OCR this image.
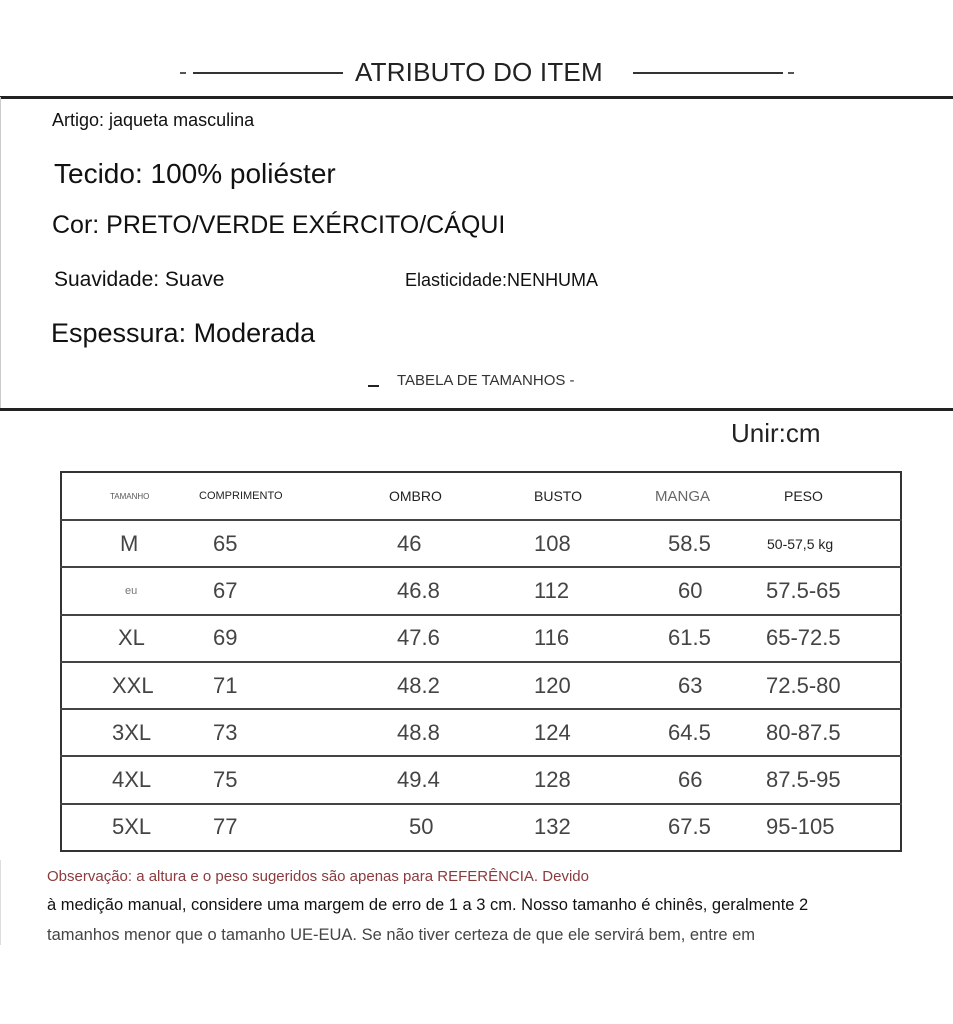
ATRIBUTO DO ITEM
Artigo: jaqueta masculina
Tecido: 100% poliéster
Cor: PRETO/VERDE EXÉRCITO/CÁQUI
Suavidade: Suave	Elasticidade:NENHUMA
Espessura: Moderada
TABELA DE TAMANHOS -
Unir:cm
TAMANHO	COMPRIMENTO	OMBRO	BUSTO	MANGA	PESO
M	65	46	108	58.5	50-57,5 kg
eu	67	46.8	112	60	57.5-65
XL	69	47.6	116	61.5	65-72.5
XXL	71	48.2	120	63	72.5-80
3XL	73	48.8	124	64.5	80-87.5
4XL	75	49.4	128	66	87.5-95
5XL	77	50	132	67.5	95-105
Observação: a altura e o peso sugeridos são apenas para REFERÊNCIA. Devido
à medição manual, considere uma margem de erro de 1 a 3 cm. Nosso tamanho é chinês, geralmente 2
tamanhos menor que o tamanho UE-EUA. Se não tiver certeza de que ele servirá bem, entre em
